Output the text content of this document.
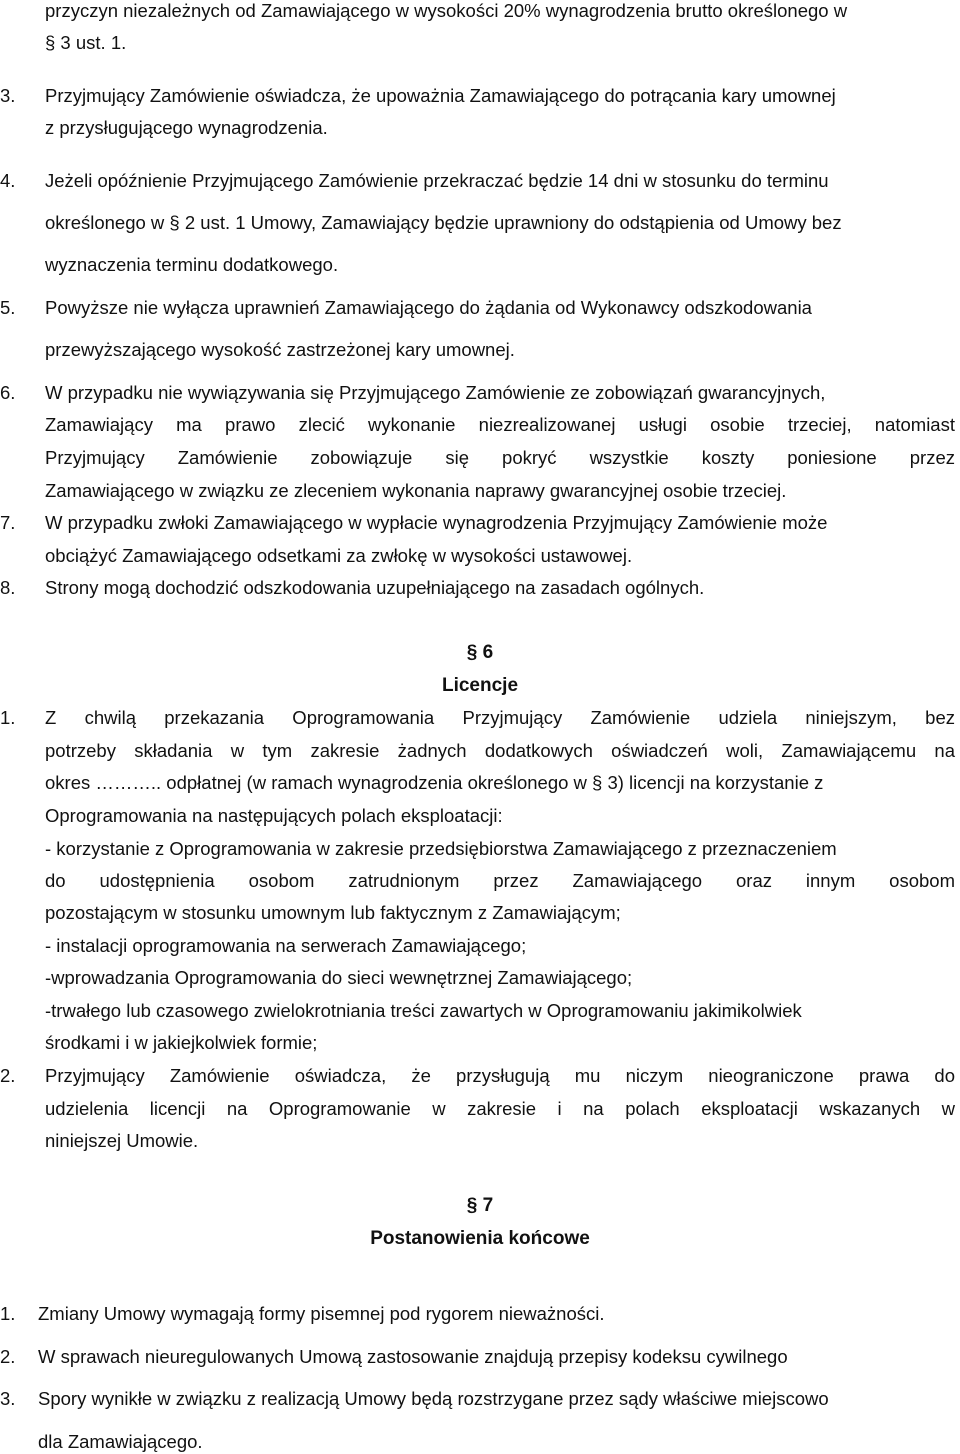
przyczyn niezależnych od Zamawiającego w wysokości 20% wynagrodzenia brutto określonego w
§ 3 ust. 1.
3.	Przyjmujący Zamówienie oświadcza, że upoważnia Zamawiającego do potrącania kary umownej
z przysługującego wynagrodzenia.
4.	Jeżeli opóźnienie Przyjmującego Zamówienie przekraczać będzie 14 dni w stosunku do terminu
określonego w § 2 ust. 1 Umowy, Zamawiający będzie uprawniony do odstąpienia od Umowy bez
wyznaczenia terminu dodatkowego.
5.	Powyższe nie wyłącza uprawnień Zamawiającego do żądania od Wykonawcy odszkodowania
przewyższającego wysokość zastrzeżonej kary umownej.
6.	W przypadku nie wywiązywania się Przyjmującego Zamówienie ze zobowiązań gwarancyjnych,
Zamawiający ma prawo zlecić wykonanie niezrealizowanej usługi osobie trzeciej, natomiast
Przyjmujący Zamówienie zobowiązuje się pokryć wszystkie koszty poniesione przez
Zamawiającego w związku ze zleceniem wykonania naprawy gwarancyjnej osobie trzeciej.
7.	W przypadku zwłoki Zamawiającego w wypłacie wynagrodzenia Przyjmujący Zamówienie może
obciążyć Zamawiającego odsetkami za zwłokę w wysokości ustawowej.
8.	Strony mogą dochodzić odszkodowania uzupełniającego na zasadach ogólnych.
§ 6
Licencje
1.	Z chwilą przekazania Oprogramowania Przyjmujący Zamówienie udziela niniejszym, bez
potrzeby składania w tym zakresie żadnych dodatkowych oświadczeń woli, Zamawiającemu na
okres ……….. odpłatnej (w ramach wynagrodzenia określonego w § 3) licencji na korzystanie z
Oprogramowania na następujących polach eksploatacji:
- korzystanie z Oprogramowania w zakresie przedsiębiorstwa Zamawiającego z przeznaczeniem
do udostępnienia osobom zatrudnionym przez Zamawiającego oraz innym osobom
pozostającym w stosunku umownym lub faktycznym z Zamawiającym;
- instalacji oprogramowania na serwerach Zamawiającego;
-wprowadzania Oprogramowania do sieci wewnętrznej Zamawiającego;
-trwałego lub czasowego zwielokrotniania treści zawartych w Oprogramowaniu jakimikolwiek
środkami i w jakiejkolwiek formie;
2.	Przyjmujący Zamówienie oświadcza, że przysługują mu niczym nieograniczone prawa do
udzielenia licencji na Oprogramowanie w zakresie i na polach eksploatacji wskazanych w
niniejszej Umowie.
§ 7
Postanowienia końcowe
1.	Zmiany Umowy wymagają formy pisemnej pod rygorem nieważności.
2.	W sprawach nieuregulowanych Umową zastosowanie znajdują przepisy kodeksu cywilnego
3.	Spory wynikłe w związku z realizacją Umowy będą rozstrzygane przez sądy właściwe miejscowo
dla Zamawiającego.
